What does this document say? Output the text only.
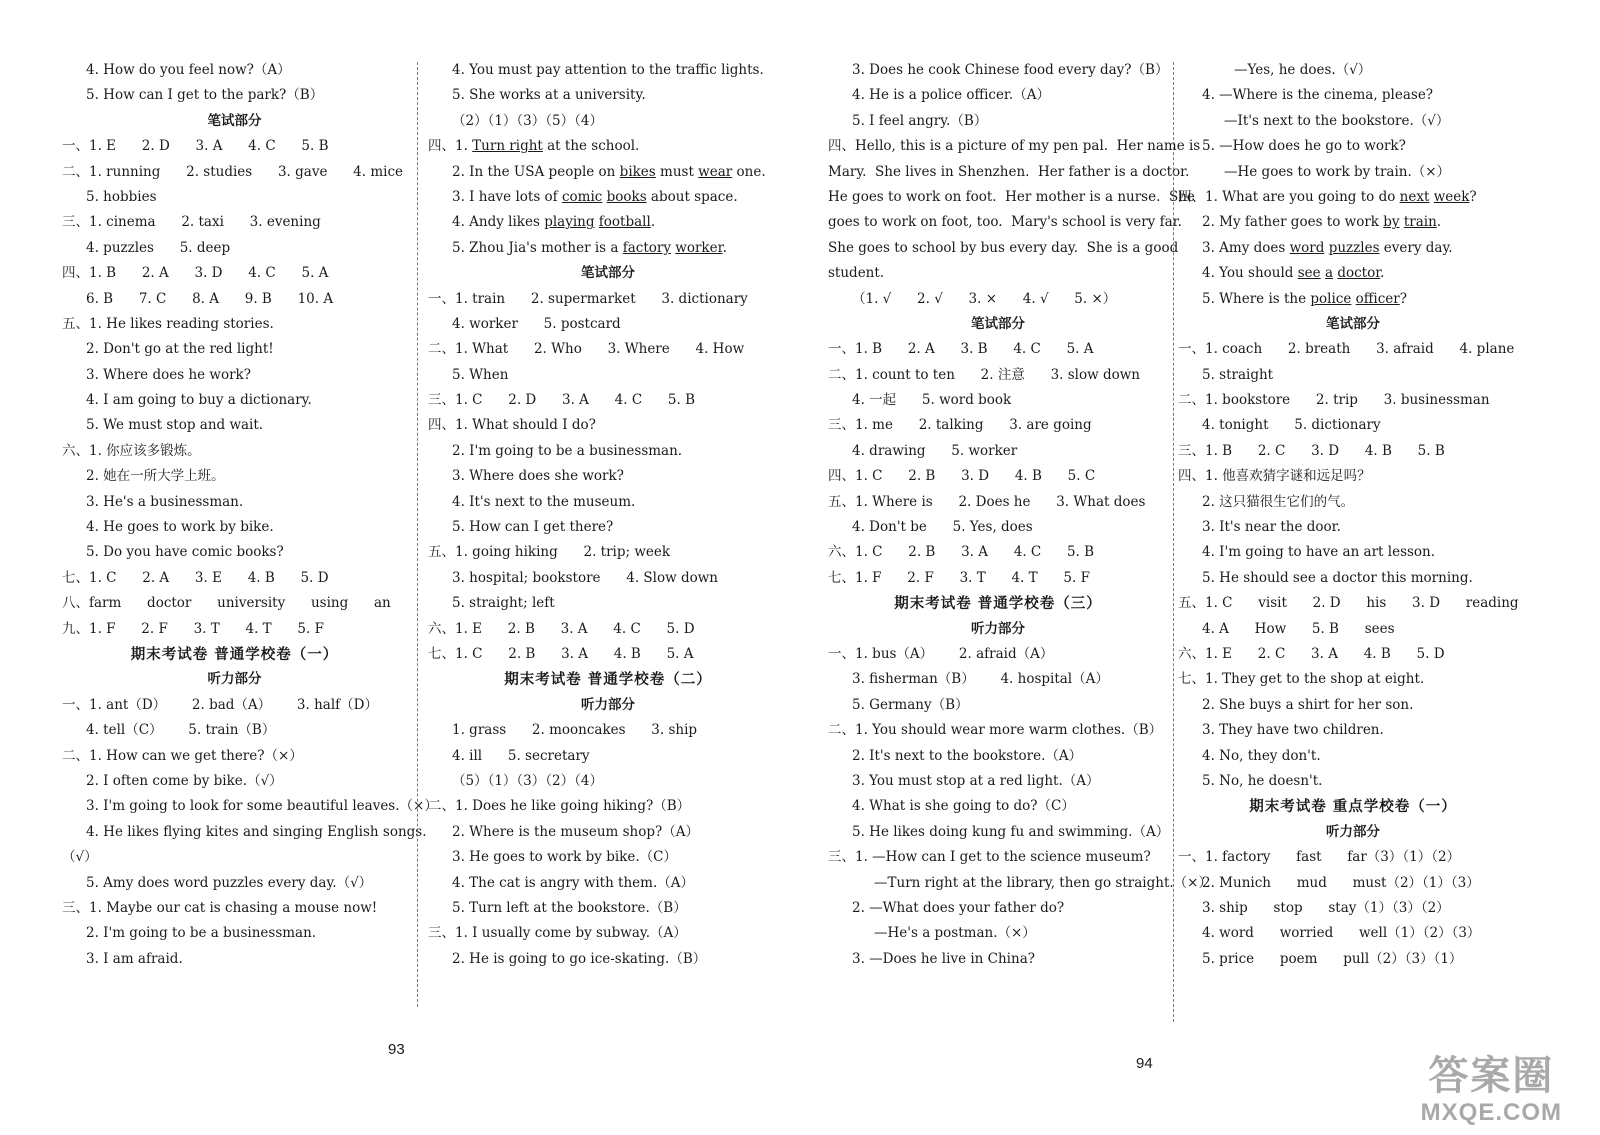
4. How do you feel now?（A）
5. How can I get to the park?（B）
笔试部分
一、1. E      2. D      3. A      4. C      5. B
二、1. running      2. studies      3. gave      4. mice
5. hobbies
三、1. cinema      2. taxi      3. evening
4. puzzles      5. deep
四、1. B      2. A      3. D      4. C      5. A
6. B      7. C      8. A      9. B      10. A
五、1. He likes reading stories.
2. Don't go at the red light!
3. Where does he work?
4. I am going to buy a dictionary.
5. We must stop and wait.
六、1. 你应该多锻炼。
2. 她在一所大学上班。
3. He's a businessman.
4. He goes to work by bike.
5. Do you have comic books?
七、1. C      2. A      3. E      4. B      5. D
八、farm      doctor      university      using      an
九、1. F      2. F      3. T      4. T      5. F
期末考试卷 普通学校卷（一）
听力部分
一、1. ant（D）      2. bad（A）      3. half（D）
4. tell（C）      5. train（B）
二、1. How can we get there?（×）
2. I often come by bike.（√）
3. I'm going to look for some beautiful leaves.（×）
4. He likes flying kites and singing English songs.
（√）
5. Amy does word puzzles every day.（√）
三、1. Maybe our cat is chasing a mouse now!
2. I'm going to be a businessman.
3. I am afraid.
4. You must pay attention to the traffic lights.
5. She works at a university.
（2）（1）（3）（5）（4）
四、1. Turn right at the school.
2. In the USA people on bikes must wear one.
3. I have lots of comic books about space.
4. Andy likes playing football.
5. Zhou Jia's mother is a factory worker.
笔试部分
一、1. train      2. supermarket      3. dictionary
4. worker      5. postcard
二、1. What      2. Who      3. Where      4. How
5. When
三、1. C      2. D      3. A      4. C      5. B
四、1. What should I do?
2. I'm going to be a businessman.
3. Where does she work?
4. It's next to the museum.
5. How can I get there?
五、1. going hiking      2. trip; week
3. hospital; bookstore      4. Slow down
5. straight; left
六、1. E      2. B      3. A      4. C      5. D
七、1. C      2. B      3. A      4. B      5. A
期末考试卷 普通学校卷（二）
听力部分
1. grass      2. mooncakes      3. ship
4. ill      5. secretary
（5）（1）（3）（2）（4）
二、1. Does he like going hiking?（B）
2. Where is the museum shop?（A）
3. He goes to work by bike.（C）
4. The cat is angry with them.（A）
5. Turn left at the bookstore.（B）
三、1. I usually come by subway.（A）
2. He is going to go ice-skating.（B）
3. Does he cook Chinese food every day?（B）
4. He is a police officer.（A）
5. I feel angry.（B）
四、Hello, this is a picture of my pen pal.  Her name is
Mary.  She lives in Shenzhen.  Her father is a doctor.
He goes to work on foot.  Her mother is a nurse.  She
goes to work on foot, too.  Mary's school is very far.
She goes to school by bus every day.  She is a good
student.
（1. √      2. √      3. ×      4. √      5. ×）
笔试部分
一、1. B      2. A      3. B      4. C      5. A
二、1. count to ten      2. 注意      3. slow down
4. 一起      5. word book
三、1. me      2. talking      3. are going
4. drawing      5. worker
四、1. C      2. B      3. D      4. B      5. C
五、1. Where is      2. Does he      3. What does
4. Don't be      5. Yes, does
六、1. C      2. B      3. A      4. C      5. B
七、1. F      2. F      3. T      4. T      5. F
期末考试卷 普通学校卷（三）
听力部分
一、1. bus（A）      2. afraid（A）
3. fisherman（B）      4. hospital（A）
5. Germany（B）
二、1. You should wear more warm clothes.（B）
2. It's next to the bookstore.（A）
3. You must stop at a red light.（A）
4. What is she going to do?（C）
5. He likes doing kung fu and swimming.（A）
三、1. —How can I get to the science museum?
—Turn right at the library, then go straight.（×）
2. —What does your father do?
—He's a postman.（×）
3. —Does he live in China?
—Yes, he does.（√）
4. —Where is the cinema, please?
—It's next to the bookstore.（√）
5. —How does he go to work?
—He goes to work by train.（×）
四、1. What are you going to do next week?
2. My father goes to work by train.
3. Amy does word puzzles every day.
4. You should see a doctor.
5. Where is the police officer?
笔试部分
一、1. coach      2. breath      3. afraid      4. plane
5. straight
二、1. bookstore      2. trip      3. businessman
4. tonight      5. dictionary
三、1. B      2. C      3. D      4. B      5. B
四、1. 他喜欢猜字谜和远足吗？
2. 这只猫很生它们的气。
3. It's near the door.
4. I'm going to have an art lesson.
5. He should see a doctor this morning.
五、1. C      visit      2. D      his      3. D      reading
4. A      How      5. B      sees
六、1. E      2. C      3. A      4. B      5. D
七、1. They get to the shop at eight.
2. She buys a shirt for her son.
3. They have two children.
4. No, they don't.
5. No, he doesn't.
期末考试卷 重点学校卷（一）
听力部分
一、1. factory      fast      far（3）（1）（2）
2. Munich      mud      must（2）（1）（3）
3. ship      stop      stay（1）（3）（2）
4. word      worried      well（1）（2）（3）
5. price      poem      pull（2）（3）（1）
93
94	答案圈
MXQE.COM
